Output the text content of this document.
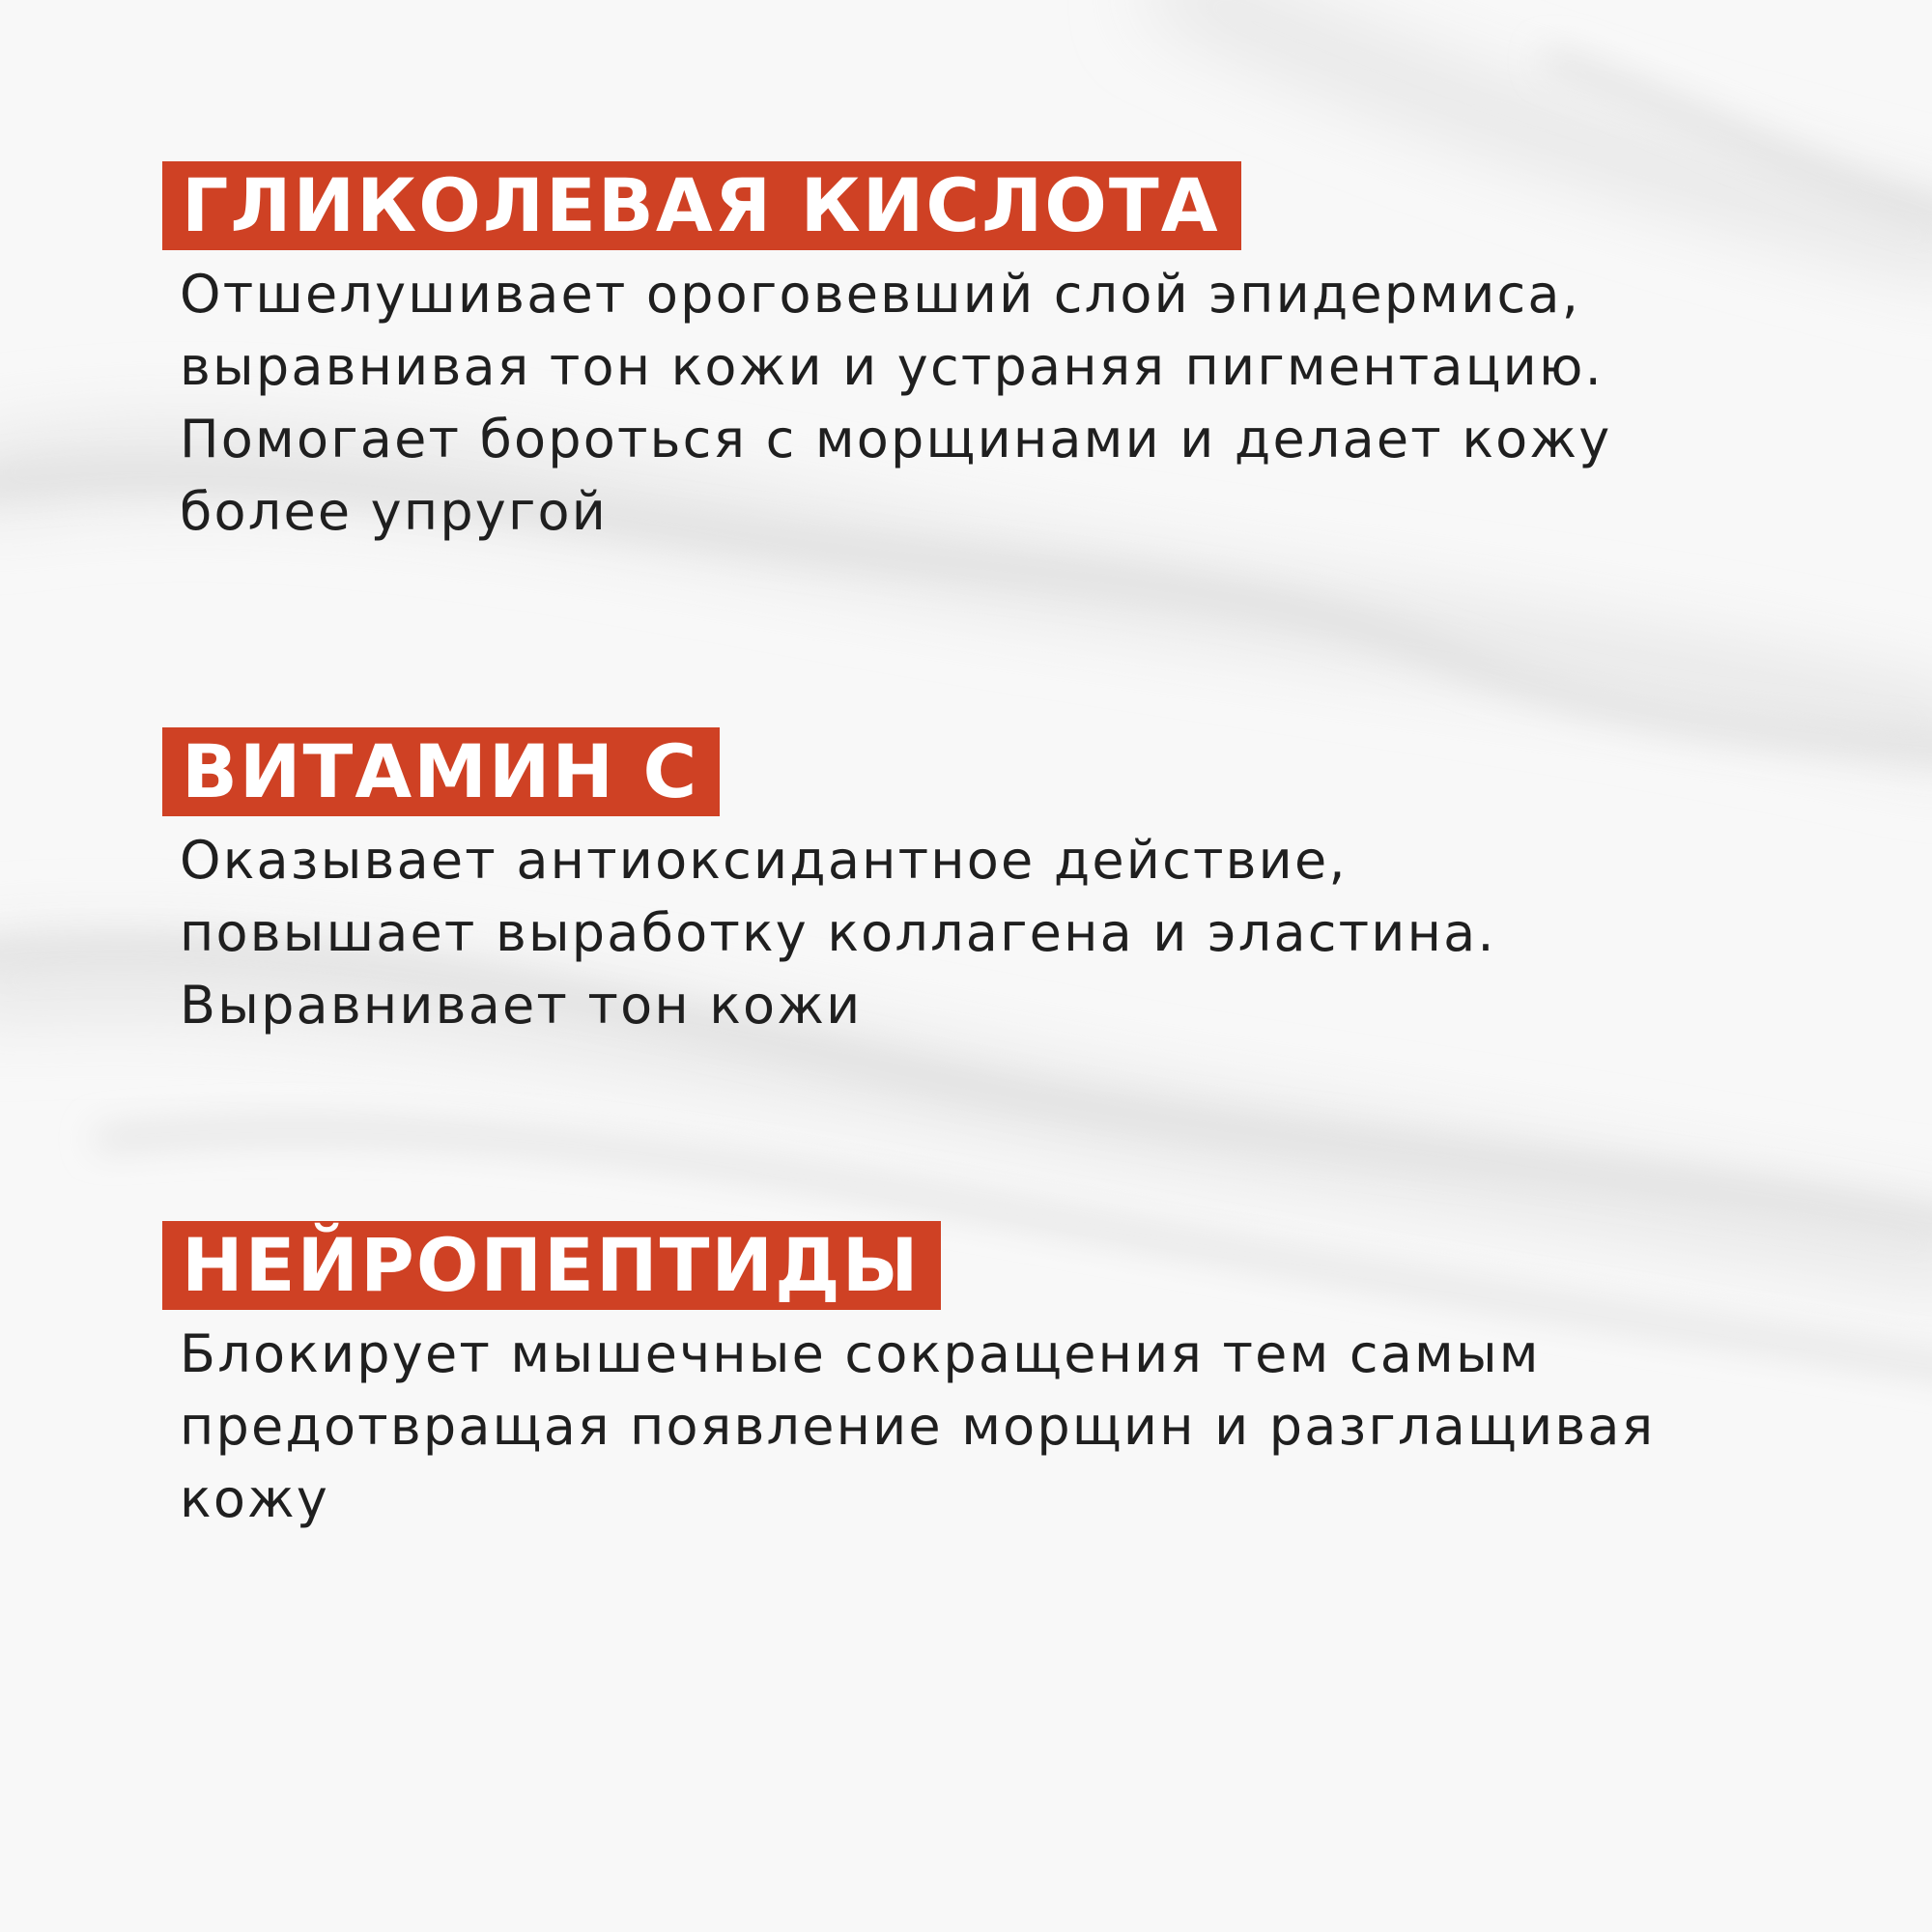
ГЛИКОЛЕВАЯ КИСЛОТА
Отшелушивает ороговевший слой эпидермиса,
выравнивая тон кожи и устраняя пигментацию.
Помогает бороться с морщинами и делает кожу
более упругой
ВИТАМИН С
Оказывает антиоксидантное действие,
повышает выработку коллагена и эластина.
Выравнивает тон кожи
НЕЙРОПЕПТИДЫ
Блокирует мышечные сокращения тем самым
предотвращая появление морщин и разглащивая
кожу
